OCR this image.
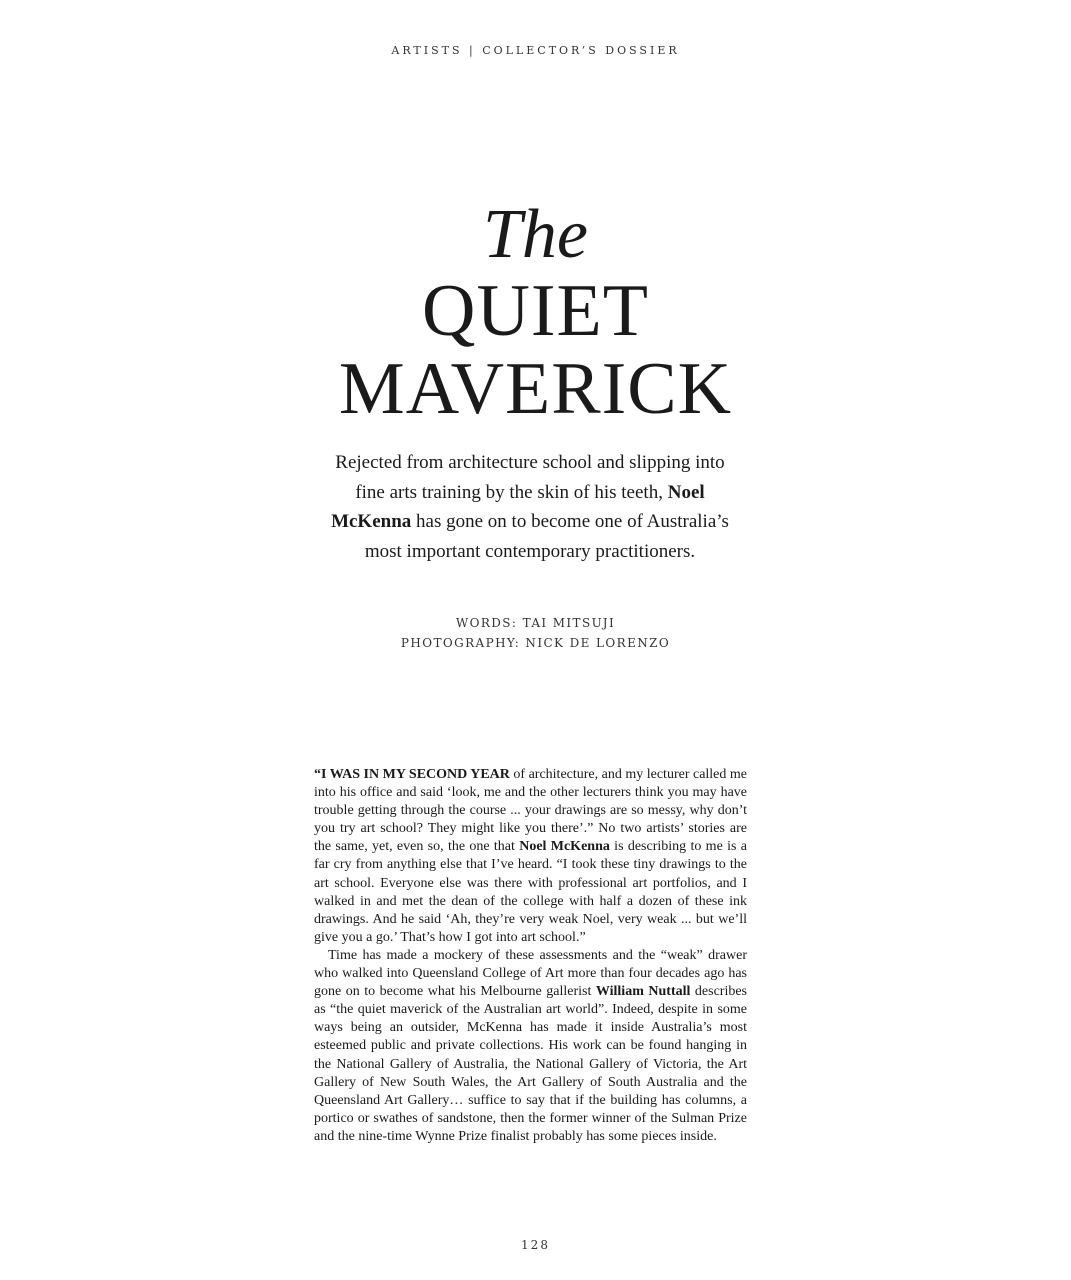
ARTISTS | COLLECTOR’S DOSSIER
The
QUIET
MAVERICK
Rejected from architecture school and slipping into fine arts training by the skin of his teeth, Noel McKenna has gone on to become one of Australia’s most important contemporary practitioners.
WORDS: TAI MITSUJI
PHOTOGRAPHY: NICK DE LORENZO

“I WAS IN MY SECOND YEAR of architecture, and my lecturer called me into his office and said ‘look, me and the other lecturers think you may have trouble getting through the course ... your drawings are so messy, why don’t you try art school? They might like you there’.” No two artists’ stories are the same, yet, even so, the one that Noel McKenna is describing to me is a far cry from anything else that I’ve heard. “I took these tiny drawings to the art school. Everyone else was there with professional art portfolios, and I walked in and met the dean of the college with half a dozen of these ink drawings. And he said ‘Ah, they’re very weak Noel, very weak ... but we’ll give you a go.’ That’s how I got into art school.”

Time has made a mockery of these assessments and the “weak” drawer who walked into Queensland College of Art more than four decades ago has gone on to become what his Melbourne gallerist William Nuttall describes as “the quiet maverick of the Australian art world”. Indeed, despite in some ways being an outsider, McKenna has made it inside Australia’s most esteemed public and private collections. His work can be found hanging in the National Gallery of Australia, the National Gallery of Victoria, the Art Gallery of New South Wales, the Art Gallery of South Australia and the Queensland Art Gallery… suffice to say that if the building has columns, a portico or swathes of sandstone, then the former winner of the Sulman Prize and the nine-time Wynne Prize finalist probably has some pieces inside.

128
